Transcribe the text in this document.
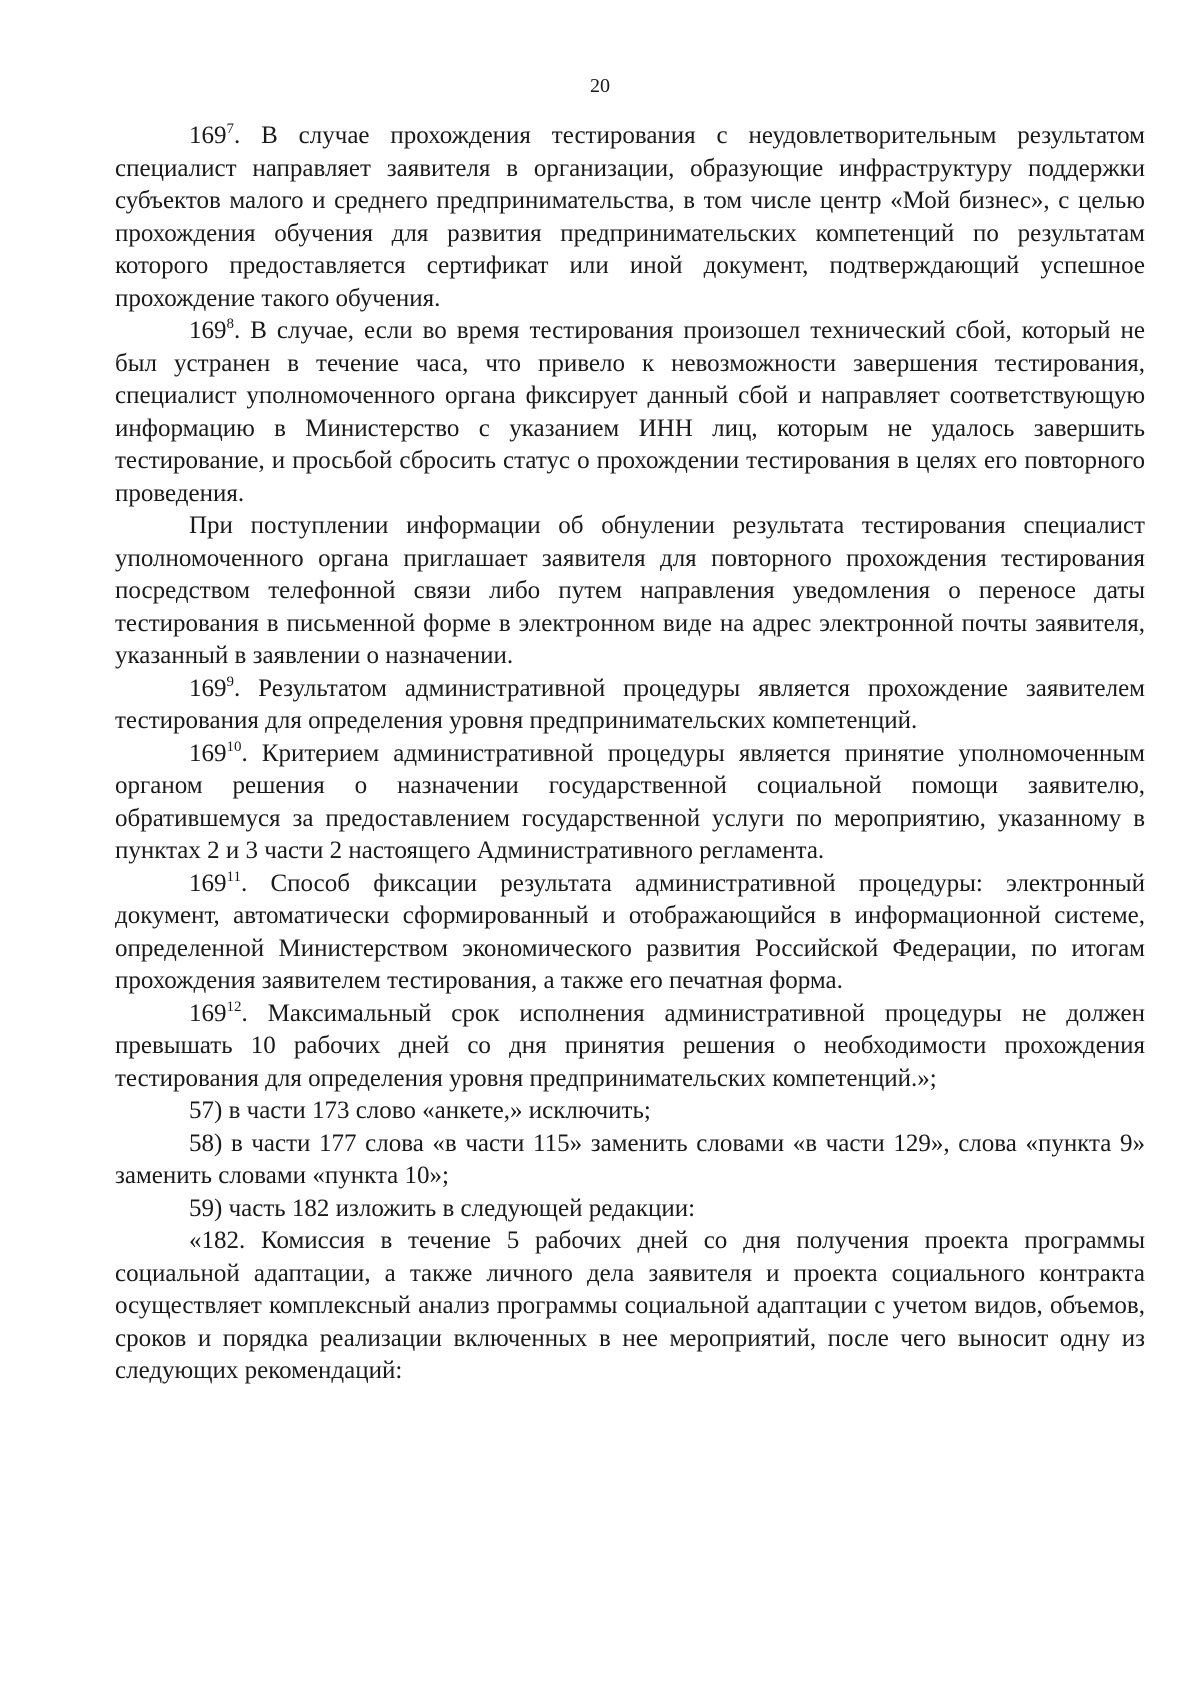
20

$169^7$. В случае прохождения тестирования с неудовлетворительным результатом специалист направляет заявителя в организации, образующие инфраструктуру поддержки субъектов малого и среднего предпринимательства, в том числе центр «Мой бизнес», с целью прохождения обучения для развития предпринимательских компетенций по результатам которого предоставляется сертификат или иной документ, подтверждающий успешное прохождение такого обучения.

$169^8$. В случае, если во время тестирования произошел технический сбой, который не был устранен в течение часа, что привело к невозможности завершения тестирования, специалист уполномоченного органа фиксирует данный сбой и направляет соответствующую информацию в Министерство с указанием ИНН лиц, которым не удалось завершить тестирование, и просьбой сбросить статус о прохождении тестирования в целях его повторного проведения.

При поступлении информации об обнулении результата тестирования специалист уполномоченного органа приглашает заявителя для повторного прохождения тестирования посредством телефонной связи либо путем направления уведомления о переносе даты тестирования в письменной форме в электронном виде на адрес электронной почты заявителя, указанный в заявлении о назначении.

$169^9$. Результатом административной процедуры является прохождение заявителем тестирования для определения уровня предпринимательских компетенций.

$169^{10}$. Критерием административной процедуры является принятие уполномоченным органом решения о назначении государственной социальной помощи заявителю, обратившемуся за предоставлением государственной услуги по мероприятию, указанному в пунктах 2 и 3 части 2 настоящего Административного регламента.

$169^{11}$. Способ фиксации результата административной процедуры: электронный документ, автоматически сформированный и отображающийся в информационной системе, определенной Министерством экономического развития Российской Федерации, по итогам прохождения заявителем тестирования, а также его печатная форма.

$169^{12}$. Максимальный срок исполнения административной процедуры не должен превышать 10 рабочих дней со дня принятия решения о необходимости прохождения тестирования для определения уровня предпринимательских компетенций.»;

57) в части 173 слово «анкете,» исключить;

58) в части 177 слова «в части 115» заменить словами «в части 129», слова «пункта 9» заменить словами «пункта 10»;

59) часть 182 изложить в следующей редакции:

«182. Комиссия в течение 5 рабочих дней со дня получения проекта программы социальной адаптации, а также личного дела заявителя и проекта социального контракта осуществляет комплексный анализ программы социальной адаптации с учетом видов, объемов, сроков и порядка реализации включенных в нее мероприятий, после чего выносит одну из следующих рекомендаций:
